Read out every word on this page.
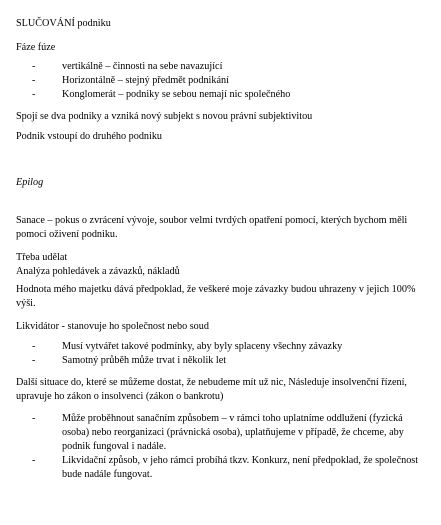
SLUČOVÁNÍ podniku

Fáze fúze

-	vertikálně – činnosti na sebe navazující
-	Horizontálně – stejný předmět podnikání
-	Konglomerát – podniky se sebou nemají nic společného

Spojí se dva podniky a vzniká nový subjekt s novou právní subjektivitou

Podnik vstoupí do druhého podniku

Epilog

Sanace – pokus o zvrácení vývoje, soubor velmi tvrdých opatření pomocí, kterých bychom měli pomoci oživení podniku.

Třeba udělat

Analýza pohledávek a závazků, nákladů

Hodnota mého majetku dává předpoklad, že veškeré moje závazky budou uhrazeny v jejich 100% výši.

Likvidátor - stanovuje ho společnost nebo soud

-	Musí vytvářet takové podmínky, aby byly splaceny všechny závazky
-	Samotný průběh může trvat i několik let

Další situace do, které se můžeme dostat, že nebudeme mít už nic, Následuje insolvenční řízení, upravuje ho zákon o insolvenci (zákon o bankrotu)

-	Může proběhnout sanačním způsobem – v rámci toho uplatníme oddlužení (fyzická osoba) nebo reorganizaci (právnická osoba), uplatňujeme v případě, že chceme, aby podnik fungoval i nadále.
-	Likvidační způsob, v jeho rámci probíhá tkzv. Konkurz, není předpoklad, že společnost bude nadále fungovat.
